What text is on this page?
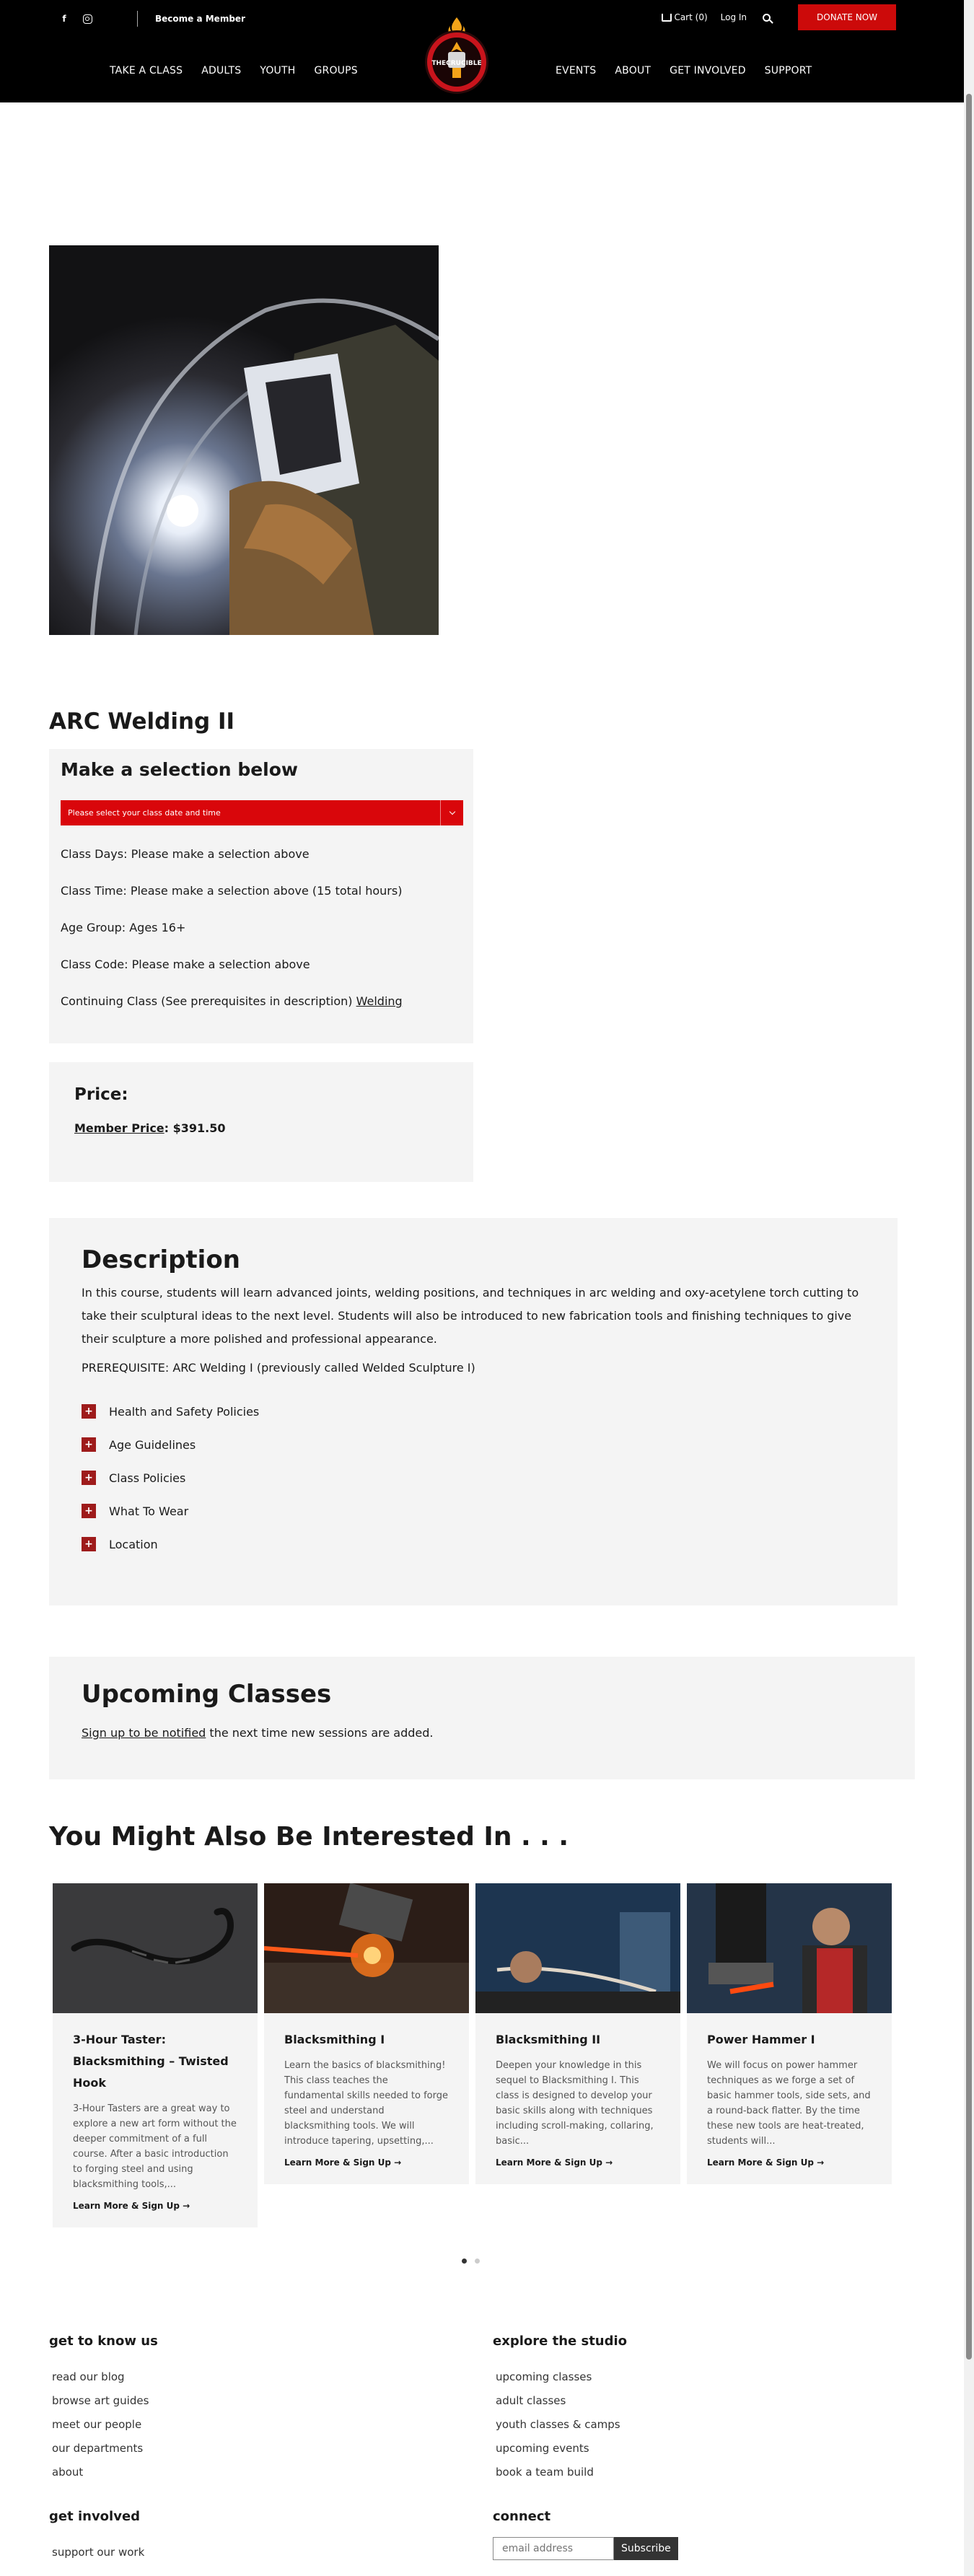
f	Become a Member	Cart (0) Log In	DONATE NOW
TAKE A CLASS ADULTS YOUTH GROUPS
THECRUCIBLE
EVENTS ABOUT GET INVOLVED SUPPORT
ARC Welding II
Make a selection below
Please select your class date and time

Class Days: Please make a selection above

Class Time: Please make a selection above (15 total hours)

Age Group: Ages 16+

Class Code: Please make a selection above

Continuing Class (See prerequisites in description) Welding

Price:

Member Price: $391.50

Description

In this course, students will learn advanced joints, welding positions, and techniques in arc welding and oxy-acetylene torch cutting to take their sculptural ideas to the next level. Students will also be introduced to new fabrication tools and finishing techniques to give their sculpture a more polished and professional appearance.

PREREQUISITE: ARC Welding I (previously called Welded Sculpture I)

+ Health and Safety Policies
+ Age Guidelines
+ Class Policies
+ What To Wear
+ Location
Upcoming Classes

Sign up to be notified the next time new sessions are added.

You Might Also Be Interested In . . .
3-Hour Taster: Blacksmithing – Twisted Hook

3-Hour Tasters are a great way to explore a new art form without the deeper commitment of a full course. After a basic introduction to forging steel and using blacksmithing tools,...

Learn More & Sign Up →
Blacksmithing I

Learn the basics of blacksmithing! This class teaches the fundamental skills needed to forge steel and understand blacksmithing tools. We will introduce tapering, upsetting,...

Learn More & Sign Up →
Blacksmithing II

Deepen your knowledge in this sequel to Blacksmithing I. This class is designed to develop your basic skills along with techniques including scroll-making, collaring, basic...

Learn More & Sign Up →
Power Hammer I

We will focus on power hammer techniques as we forge a set of basic hammer tools, side sets, and a round-back flatter. By the time these new tools are heat-treated, students will...

Learn More & Sign Up →
get to know us
read our blog
browse art guides
meet our people
our departments
about
explore the studio
upcoming classes
adult classes
youth classes & camps
upcoming events
book a team build
get involved
support our work
connect
email address
Subscribe
